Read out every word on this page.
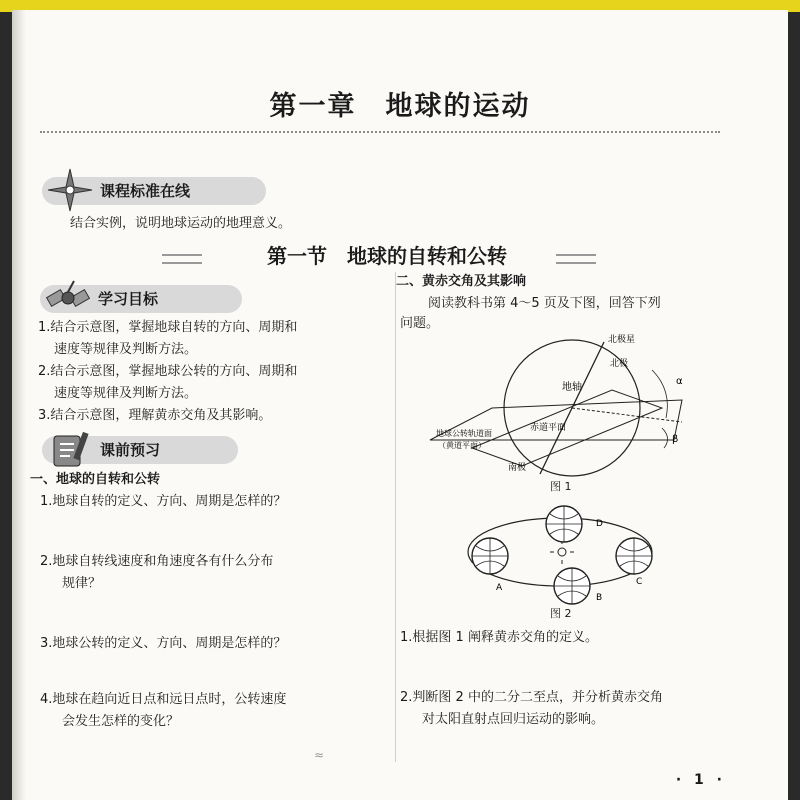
第一章　地球的运动
课程标准在线
结合实例，说明地球运动的地理意义。
第一节　地球的自转和公转
学习目标
1.结合示意图，掌握地球自转的方向、周期和
速度等规律及判断方法。
2.结合示意图，掌握地球公转的方向、周期和
速度等规律及判断方法。
3.结合示意图，理解黄赤交角及其影响。
课前预习
一、地球的自转和公转
1.地球自转的定义、方向、周期是怎样的？
2.地球自转线速度和角速度各有什么分布
规律？
3.地球公转的定义、方向、周期是怎样的？
4.地球在趋向近日点和远日点时，公转速度
会发生怎样的变化？
二、黄赤交角及其影响
阅读教科书第 4～5 页及下图，回答下列
问题。
北极星
北极
地轴
赤道平面
地球公转轨道面
（黄道平面）
南极
α
β
图 1
A
B
C
D
图 2
1.根据图 1 阐释黄赤交角的定义。
2.判断图 2 中的二分二至点，并分析黄赤交角
对太阳直射点回归运动的影响。
≈
· 1 ·
